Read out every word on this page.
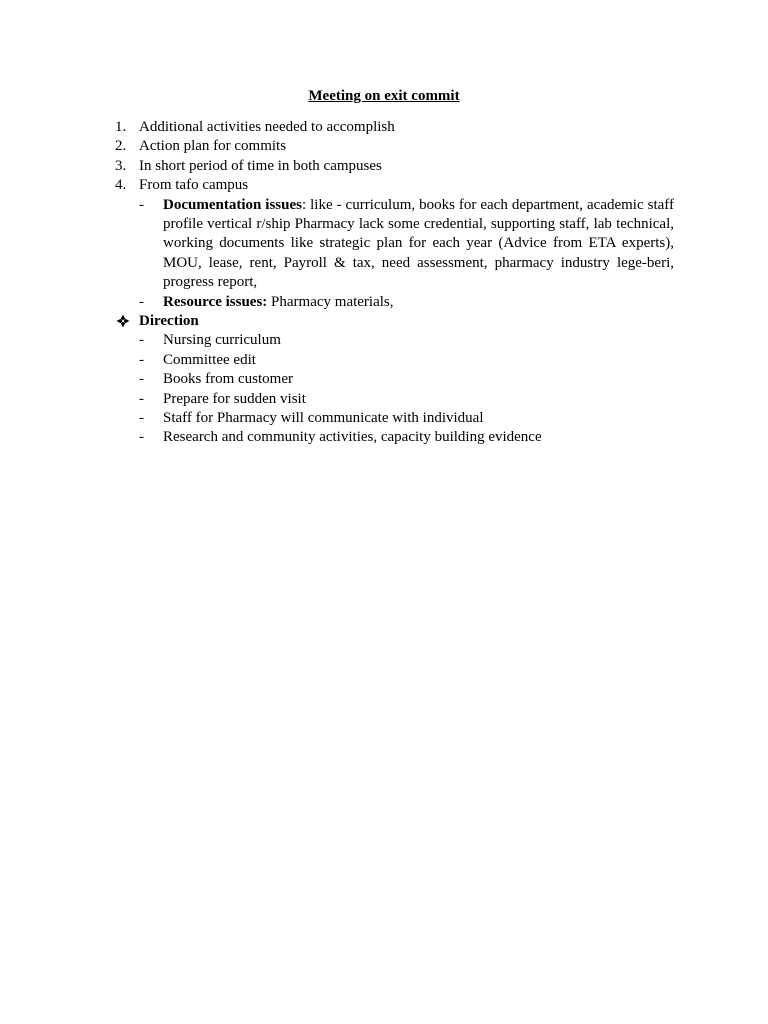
Meeting on exit commit
1. Additional activities needed to accomplish
2. Action plan for commits
3. In short period of time in both campuses
4. From tafo campus
- Documentation issues: like - curriculum, books for each department, academic staff profile vertical r/ship Pharmacy lack some credential, supporting staff, lab technical, working documents like strategic plan for each year (Advice from ETA experts), MOU, lease, rent, Payroll & tax, need assessment, pharmacy industry lege-beri, progress report,
- Resource issues: Pharmacy materials,
Direction
- Nursing curriculum
- Committee edit
- Books from customer
- Prepare for sudden visit
- Staff for Pharmacy will communicate with individual
- Research and community activities, capacity building evidence
